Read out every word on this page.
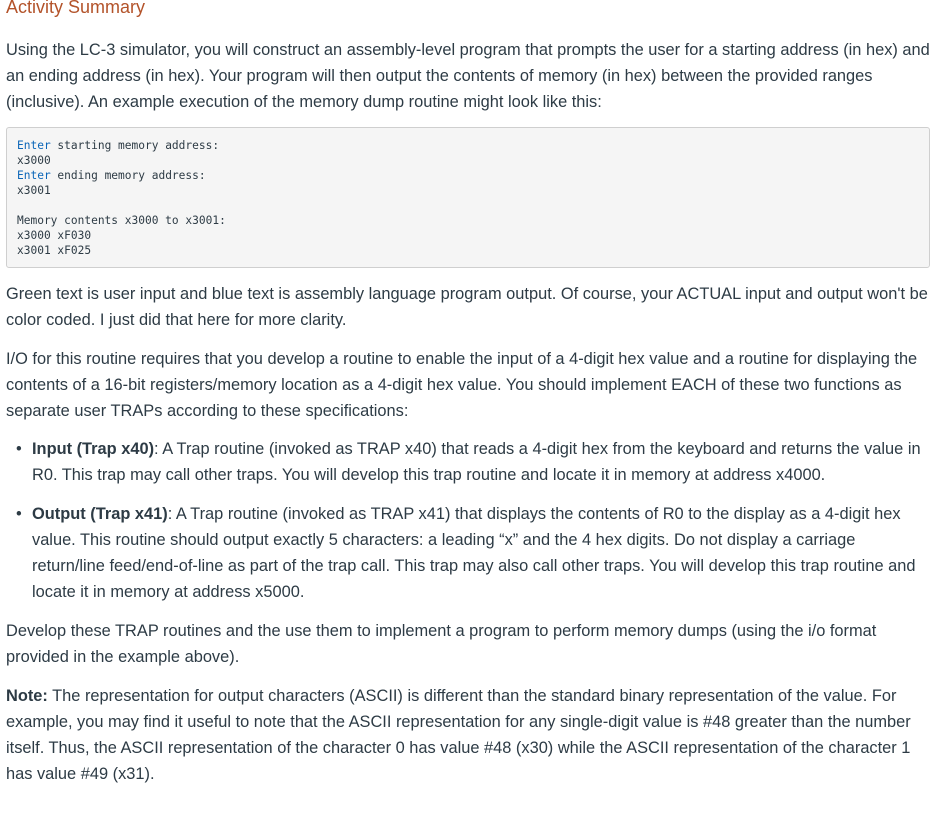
Activity Summary

Using the LC-3 simulator, you will construct an assembly-level program that prompts the user for a starting address (in hex) and an ending address (in hex). Your program will then output the contents of memory (in hex) between the provided ranges (inclusive). An example execution of the memory dump routine might look like this:

Enter starting memory address:
x3000
Enter ending memory address:
x3001
Memory contents x3000 to x3001:
x3000 xF030
x3001 xF025

Green text is user input and blue text is assembly language program output. Of course, your ACTUAL input and output won't be color coded. I just did that here for more clarity.

I/O for this routine requires that you develop a routine to enable the input of a 4-digit hex value and a routine for displaying the contents of a 16-bit registers/memory location as a 4-digit hex value. You should implement EACH of these two functions as separate user TRAPs according to these specifications:

• Input (Trap x40): A Trap routine (invoked as TRAP x40) that reads a 4-digit hex from the keyboard and returns the value in R0. This trap may call other traps. You will develop this trap routine and locate it in memory at address x4000.
• Output (Trap x41): A Trap routine (invoked as TRAP x41) that displays the contents of R0 to the display as a 4-digit hex value. This routine should output exactly 5 characters: a leading “x” and the 4 hex digits. Do not display a carriage return/line feed/end-of-line as part of the trap call. This trap may also call other traps. You will develop this trap routine and locate it in memory at address x5000.

Develop these TRAP routines and the use them to implement a program to perform memory dumps (using the i/o format provided in the example above).

Note: The representation for output characters (ASCII) is different than the standard binary representation of the value. For example, you may find it useful to note that the ASCII representation for any single-digit value is #48 greater than the number itself. Thus, the ASCII representation of the character 0 has value #48 (x30) while the ASCII representation of the character 1 has value #49 (x31).
